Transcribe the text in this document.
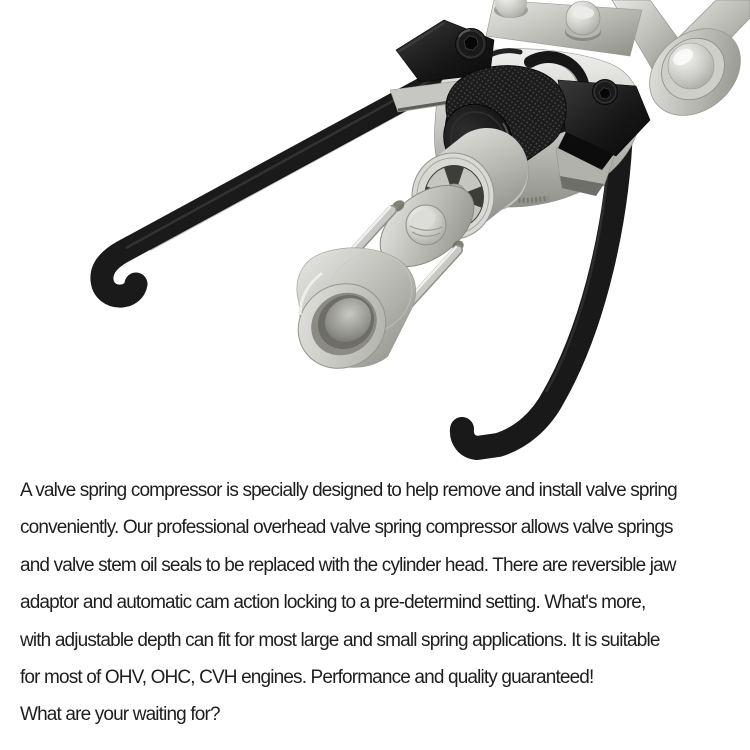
A valve spring compressor is specially designed to help remove and install valve spring

conveniently. Our professional overhead valve spring compressor allows valve springs

and valve stem oil seals to be replaced with the cylinder head. There are reversible jaw

adaptor and automatic cam action locking to a pre-determind setting. What's more,

with adjustable depth can fit for most large and small spring applications. It is suitable

for most of OHV, OHC, CVH engines. Performance and quality guaranteed!

What are your waiting for?
